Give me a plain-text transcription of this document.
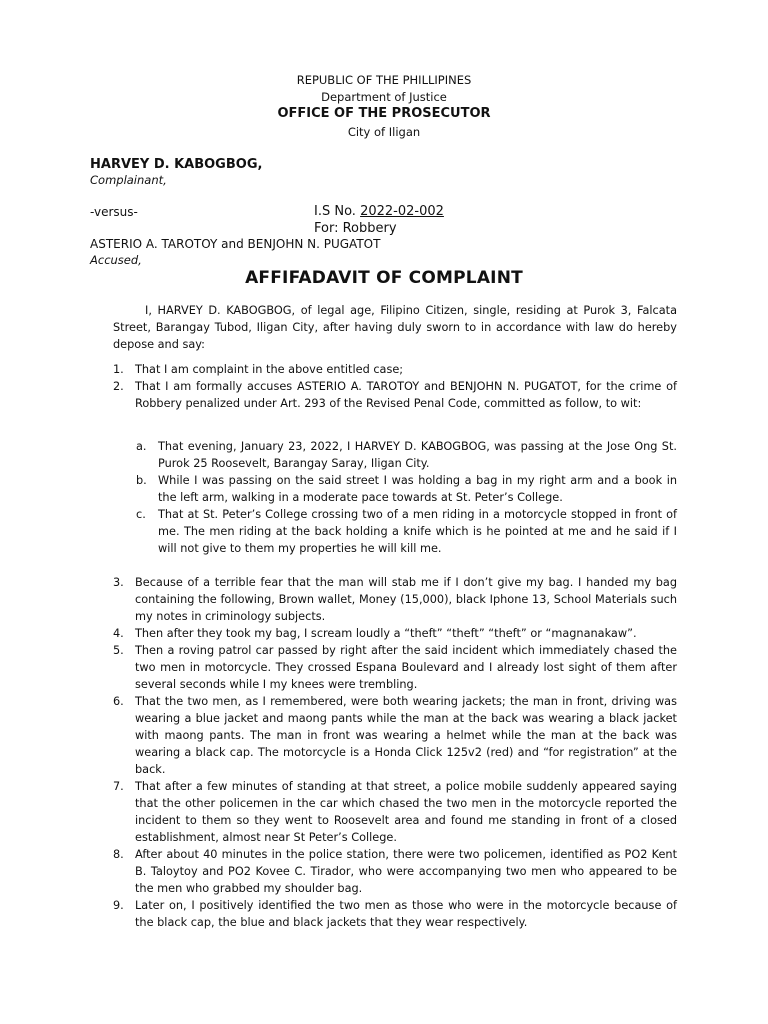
REPUBLIC OF THE PHILLIPINES
Department of Justice
OFFICE OF THE PROSECUTOR
City of Iligan
HARVEY D. KABOGBOG,
Complainant,
-versus-	I.S No. 2022-02-002
For: Robbery
ASTERIO A. TAROTOY and BENJOHN N. PUGATOT
Accused,
AFFIFADAVIT OF COMPLAINT
I, HARVEY D. KABOGBOG, of legal age, Filipino Citizen, single, residing at Purok 3, Falcata Street, Barangay Tubod, Iligan City, after having duly sworn to in accordance with law do hereby depose and say:
1. That I am complaint in the above entitled case;
2. That I am formally accuses ASTERIO A. TAROTOY and BENJOHN N. PUGATOT, for the crime of Robbery penalized under Art. 293 of the Revised Penal Code, committed as follow, to wit:
a. That evening, January 23, 2022, I HARVEY D. KABOGBOG, was passing at the Jose Ong St. Purok 25 Roosevelt, Barangay Saray, Iligan City.
b. While I was passing on the said street I was holding a bag in my right arm and a book in the left arm, walking in a moderate pace towards at St. Peter’s College.
c. That at St. Peter’s College crossing two of a men riding in a motorcycle stopped in front of me. The men riding at the back holding a knife which is he pointed at me and he said if I will not give to them my properties he will kill me.
3. Because of a terrible fear that the man will stab me if I don’t give my bag. I handed my bag containing the following, Brown wallet, Money (15,000), black Iphone 13, School Materials such my notes in criminology subjects.
4. Then after they took my bag, I scream loudly a “theft” “theft” “theft” or “magnanakaw”.
5. Then a roving patrol car passed by right after the said incident which immediately chased the two men in motorcycle. They crossed Espana Boulevard and I already lost sight of them after several seconds while I my knees were trembling.
6. That the two men, as I remembered, were both wearing jackets; the man in front, driving was wearing a blue jacket and maong pants while the man at the back was wearing a black jacket with maong pants. The man in front was wearing a helmet while the man at the back was wearing a black cap. The motorcycle is a Honda Click 125v2 (red) and “for registration” at the back.
7. That after a few minutes of standing at that street, a police mobile suddenly appeared saying that the other policemen in the car which chased the two men in the motorcycle reported the incident to them so they went to Roosevelt area and found me standing in front of a closed establishment, almost near St Peter’s College.
8. After about 40 minutes in the police station, there were two policemen, identified as PO2 Kent B. Taloytoy and PO2 Kovee C. Tirador, who were accompanying two men who appeared to be the men who grabbed my shoulder bag.
9. Later on, I positively identified the two men as those who were in the motorcycle because of the black cap, the blue and black jackets that they wear respectively.
